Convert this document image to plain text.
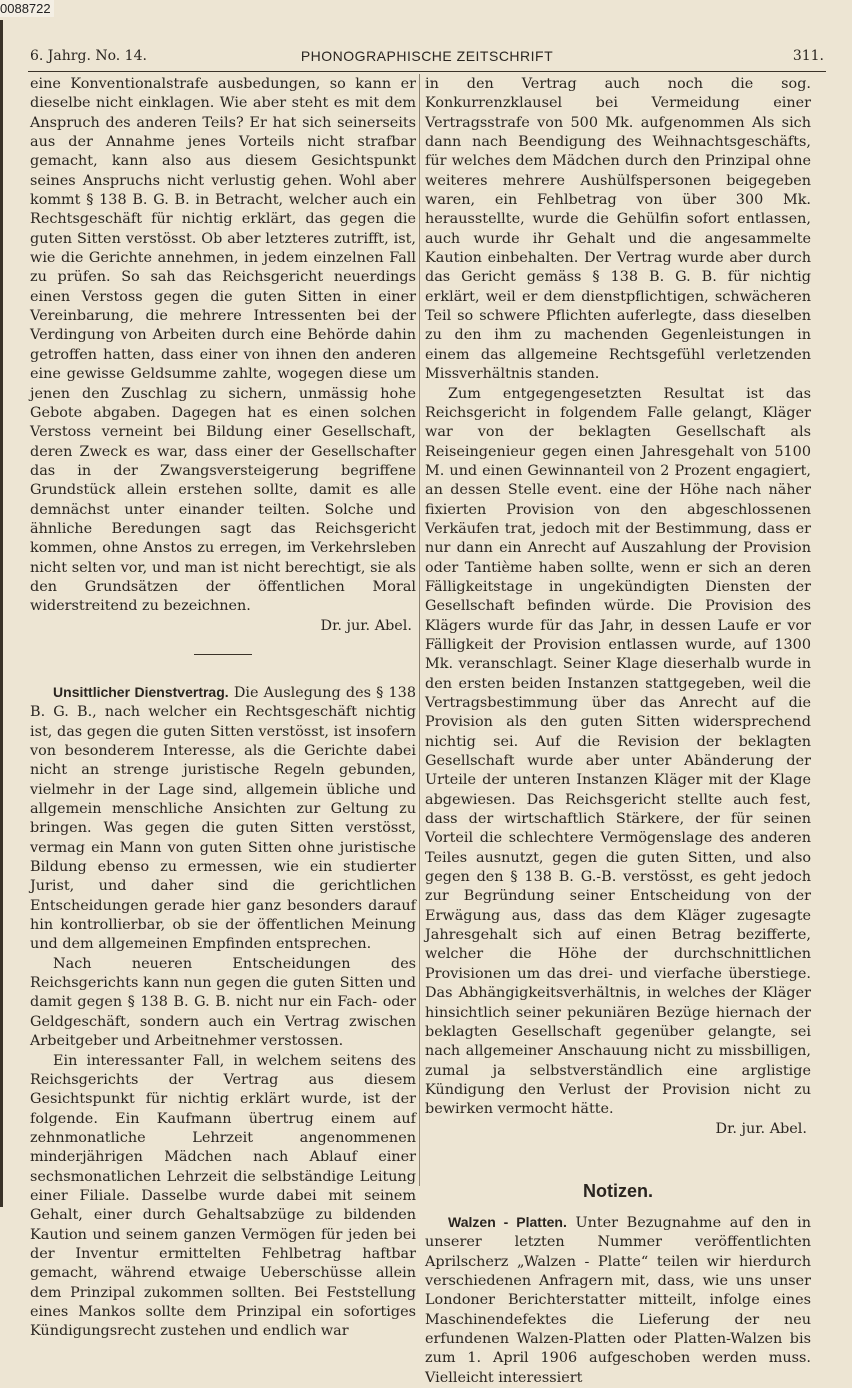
0088722
6. Jahrg. No. 14.	PHONOGRAPHISCHE ZEITSCHRIFT	311.

eine Konventionalstrafe ausbedungen, so kann er dieselbe nicht einklagen. Wie aber steht es mit dem Anspruch des anderen Teils? Er hat sich seinerseits aus der Annahme jenes Vorteils nicht strafbar gemacht, kann also aus diesem Gesichtspunkt seines Anspruchs nicht verlustig gehen. Wohl aber kommt § 138 B. G. B. in Betracht, welcher auch ein Rechtsgeschäft für nichtig erklärt, das gegen die guten Sitten verstösst. Ob aber letzteres zutrifft, ist, wie die Gerichte annehmen, in jedem einzelnen Fall zu prüfen. So sah das Reichsgericht neuerdings einen Verstoss gegen die guten Sitten in einer Vereinbarung, die mehrere Intressenten bei der Verdingung von Arbeiten durch eine Behörde dahin getroffen hatten, dass einer von ihnen den anderen eine gewisse Geldsumme zahlte, wogegen diese um jenen den Zuschlag zu sichern, unmässig hohe Gebote abgaben. Dagegen hat es einen solchen Verstoss verneint bei Bildung einer Gesellschaft, deren Zweck es war, dass einer der Gesellschafter das in der Zwangsversteigerung begriffene Grundstück allein erstehen sollte, damit es alle demnächst unter einander teilten. Solche und ähnliche Beredungen sagt das Reichsgericht kommen, ohne Anstos zu erregen, im Verkehrsleben nicht selten vor, und man ist nicht berechtigt, sie als den Grundsätzen der öffentlichen Moral widerstreitend zu bezeichnen.

Dr. jur. Abel.

Unsittlicher Dienstvertrag. Die Auslegung des § 138 B. G. B., nach welcher ein Rechtsgeschäft nichtig ist, das gegen die guten Sitten verstösst, ist insofern von besonderem Interesse, als die Gerichte dabei nicht an strenge juristische Regeln gebunden, vielmehr in der Lage sind, allgemein übliche und allgemein menschliche Ansichten zur Geltung zu bringen. Was gegen die guten Sitten verstösst, vermag ein Mann von guten Sitten ohne juristische Bildung ebenso zu ermessen, wie ein studierter Jurist, und daher sind die gerichtlichen Entscheidungen gerade hier ganz besonders darauf hin kontrollierbar, ob sie der öffentlichen Meinung und dem allgemeinen Empfinden entsprechen.

Nach neueren Entscheidungen des Reichsgerichts kann nun gegen die guten Sitten und damit gegen § 138 B. G. B. nicht nur ein Fach- oder Geldgeschäft, sondern auch ein Vertrag zwischen Arbeitgeber und Arbeitnehmer verstossen.

Ein interessanter Fall, in welchem seitens des Reichsgerichts der Vertrag aus diesem Gesichtspunkt für nichtig erklärt wurde, ist der folgende. Ein Kaufmann übertrug einem auf zehnmonatliche Lehrzeit angenommenen minderjährigen Mädchen nach Ablauf einer sechsmonatlichen Lehrzeit die selbständige Leitung einer Filiale. Dasselbe wurde dabei mit seinem Gehalt, einer durch Gehaltsabzüge zu bildenden Kaution und seinem ganzen Vermögen für jeden bei der Inventur ermittelten Fehlbetrag haftbar gemacht, während etwaige Ueberschüsse allein dem Prinzipal zukommen sollten. Bei Feststellung eines Mankos sollte dem Prinzipal ein sofortiges Kündigungsrecht zustehen und endlich war

in den Vertrag auch noch die sog. Konkurrenzklausel bei Vermeidung einer Vertragsstrafe von 500 Mk. aufgenommen Als sich dann nach Beendigung des Weihnachtsgeschäfts, für welches dem Mädchen durch den Prinzipal ohne weiteres mehrere Aushülfspersonen beigegeben waren, ein Fehlbetrag von über 300 Mk. herausstellte, wurde die Gehülfin sofort entlassen, auch wurde ihr Gehalt und die angesammelte Kaution einbehalten. Der Vertrag wurde aber durch das Gericht gemäss § 138 B. G. B. für nichtig erklärt, weil er dem dienstpflichtigen, schwächeren Teil so schwere Pflichten auferlegte, dass dieselben zu den ihm zu machenden Gegenleistungen in einem das allgemeine Rechtsgefühl verletzenden Missverhältnis standen.

Zum entgegengesetzten Resultat ist das Reichsgericht in folgendem Falle gelangt, Kläger war von der beklagten Gesellschaft als Reiseingenieur gegen einen Jahresgehalt von 5100 M. und einen Gewinnanteil von 2 Prozent engagiert, an dessen Stelle event. eine der Höhe nach näher fixierten Provision von den abgeschlossenen Verkäufen trat, jedoch mit der Bestimmung, dass er nur dann ein Anrecht auf Auszahlung der Provision oder Tantième haben sollte, wenn er sich an deren Fälligkeitstage in ungekündigten Diensten der Gesellschaft befinden würde. Die Provision des Klägers wurde für das Jahr, in dessen Laufe er vor Fälligkeit der Provision entlassen wurde, auf 1300 Mk. veranschlagt. Seiner Klage dieserhalb wurde in den ersten beiden Instanzen stattgegeben, weil die Vertragsbestimmung über das Anrecht auf die Provision als den guten Sitten widersprechend nichtig sei. Auf die Revision der beklagten Gesellschaft wurde aber unter Abänderung der Urteile der unteren Instanzen Kläger mit der Klage abgewiesen. Das Reichsgericht stellte auch fest, dass der wirtschaftlich Stärkere, der für seinen Vorteil die schlechtere Vermögenslage des anderen Teiles ausnutzt, gegen die guten Sitten, und also gegen den § 138 B. G.-B. verstösst, es geht jedoch zur Begründung seiner Entscheidung von der Erwägung aus, dass das dem Kläger zugesagte Jahresgehalt sich auf einen Betrag bezifferte, welcher die Höhe der durchschnittlichen Provisionen um das drei- und vierfache überstiege. Das Abhängigkeitsverhältnis, in welches der Kläger hinsichtlich seiner pekuniären Bezüge hiernach der beklagten Gesellschaft gegenüber gelangte, sei nach allgemeiner Anschauung nicht zu missbilligen, zumal ja selbstverständlich eine arglistige Kündigung den Verlust der Provision nicht zu bewirken vermocht hätte.

Dr. jur. Abel.
Notizen.

Walzen - Platten. Unter Bezugnahme auf den in unserer letzten Nummer veröffentlichten Aprilscherz „Walzen - Platte“ teilen wir hierdurch verschiedenen Anfragern mit, dass, wie uns unser Londoner Berichterstatter mitteilt, infolge eines Maschinendefektes die Lieferung der neu erfundenen Walzen-Platten oder Platten-Walzen bis zum 1. April 1906 aufgeschoben werden muss. Vielleicht interessiert
